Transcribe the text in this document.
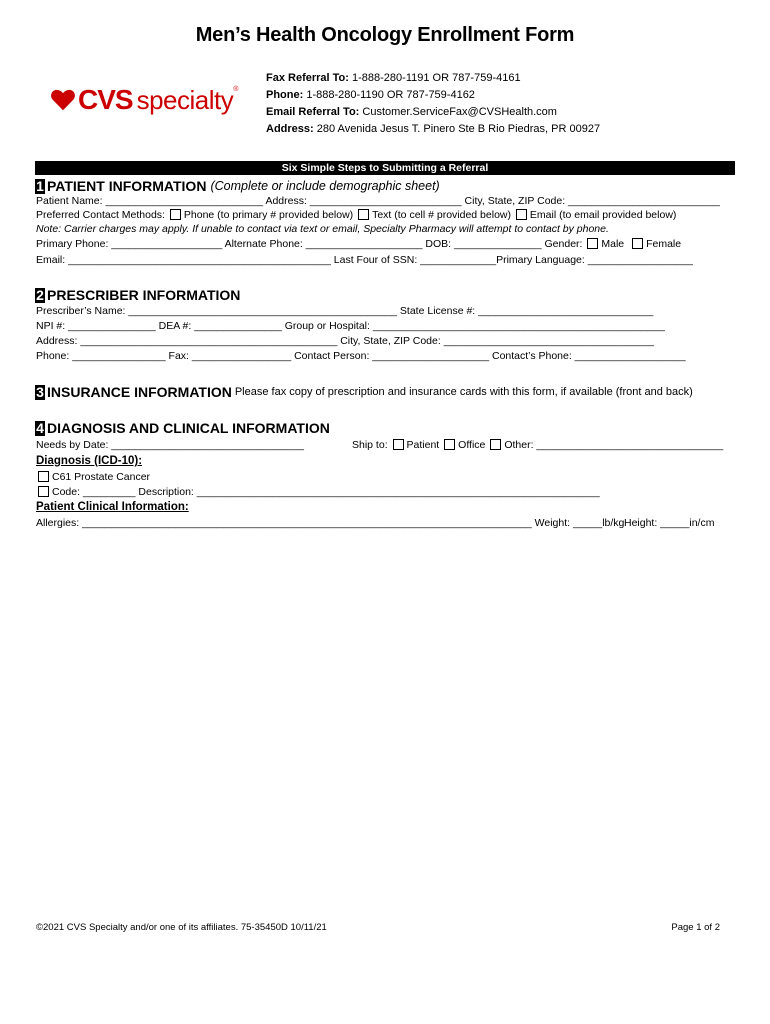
Men’s Health Oncology Enrollment Form
CVS specialty ®
Fax Referral To: 1-888-280-1191 OR 787-759-4161
Phone: 1-888-280-1190 OR 787-759-4162
Email Referral To: Customer.ServiceFax@CVSHealth.com
Address: 280 Avenida Jesus T. Pinero Ste B Rio Piedras, PR 00927
Six Simple Steps to Submitting a Referral
1 PATIENT INFORMATION (Complete or include demographic sheet)
Patient Name: ___________________________ Address: __________________________ City, State, ZIP Code: __________________________
Preferred Contact Methods: Phone (to primary # provided below) Text (to cell # provided below) Email (to email provided below)
Note: Carrier charges may apply. If unable to contact via text or email, Specialty Pharmacy will attempt to contact by phone.
Primary Phone: ___________________ Alternate Phone: ____________________ DOB: _______________ Gender: Male Female
Email: _____________________________________________ Last Four of SSN: _____________Primary Language: __________________
2 PRESCRIBER INFORMATION
Prescriber’s Name: ______________________________________________ State License #: ______________________________
NPI #: _______________ DEA #: _______________ Group or Hospital: __________________________________________________
Address: ____________________________________________ City, State, ZIP Code: ____________________________________
Phone: ________________ Fax: _________________ Contact Person: ____________________ Contact’s Phone: ___________________
3 INSURANCE INFORMATION Please fax copy of prescription and insurance cards with this form, if available (front and back)
4 DIAGNOSIS AND CLINICAL INFORMATION
Needs by Date: _________________________________	Ship to: Patient Office Other: ________________________________
Diagnosis (ICD-10):
C61 Prostate Cancer
Code: _________ Description: _____________________________________________________________________
Patient Clinical Information:
Allergies: _____________________________________________________________________________ Weight: _____lb/kg Height: _____in/cm
©2021 CVS Specialty and/or one of its affiliates. 75-35450D 10/11/21	Page 1 of 2
